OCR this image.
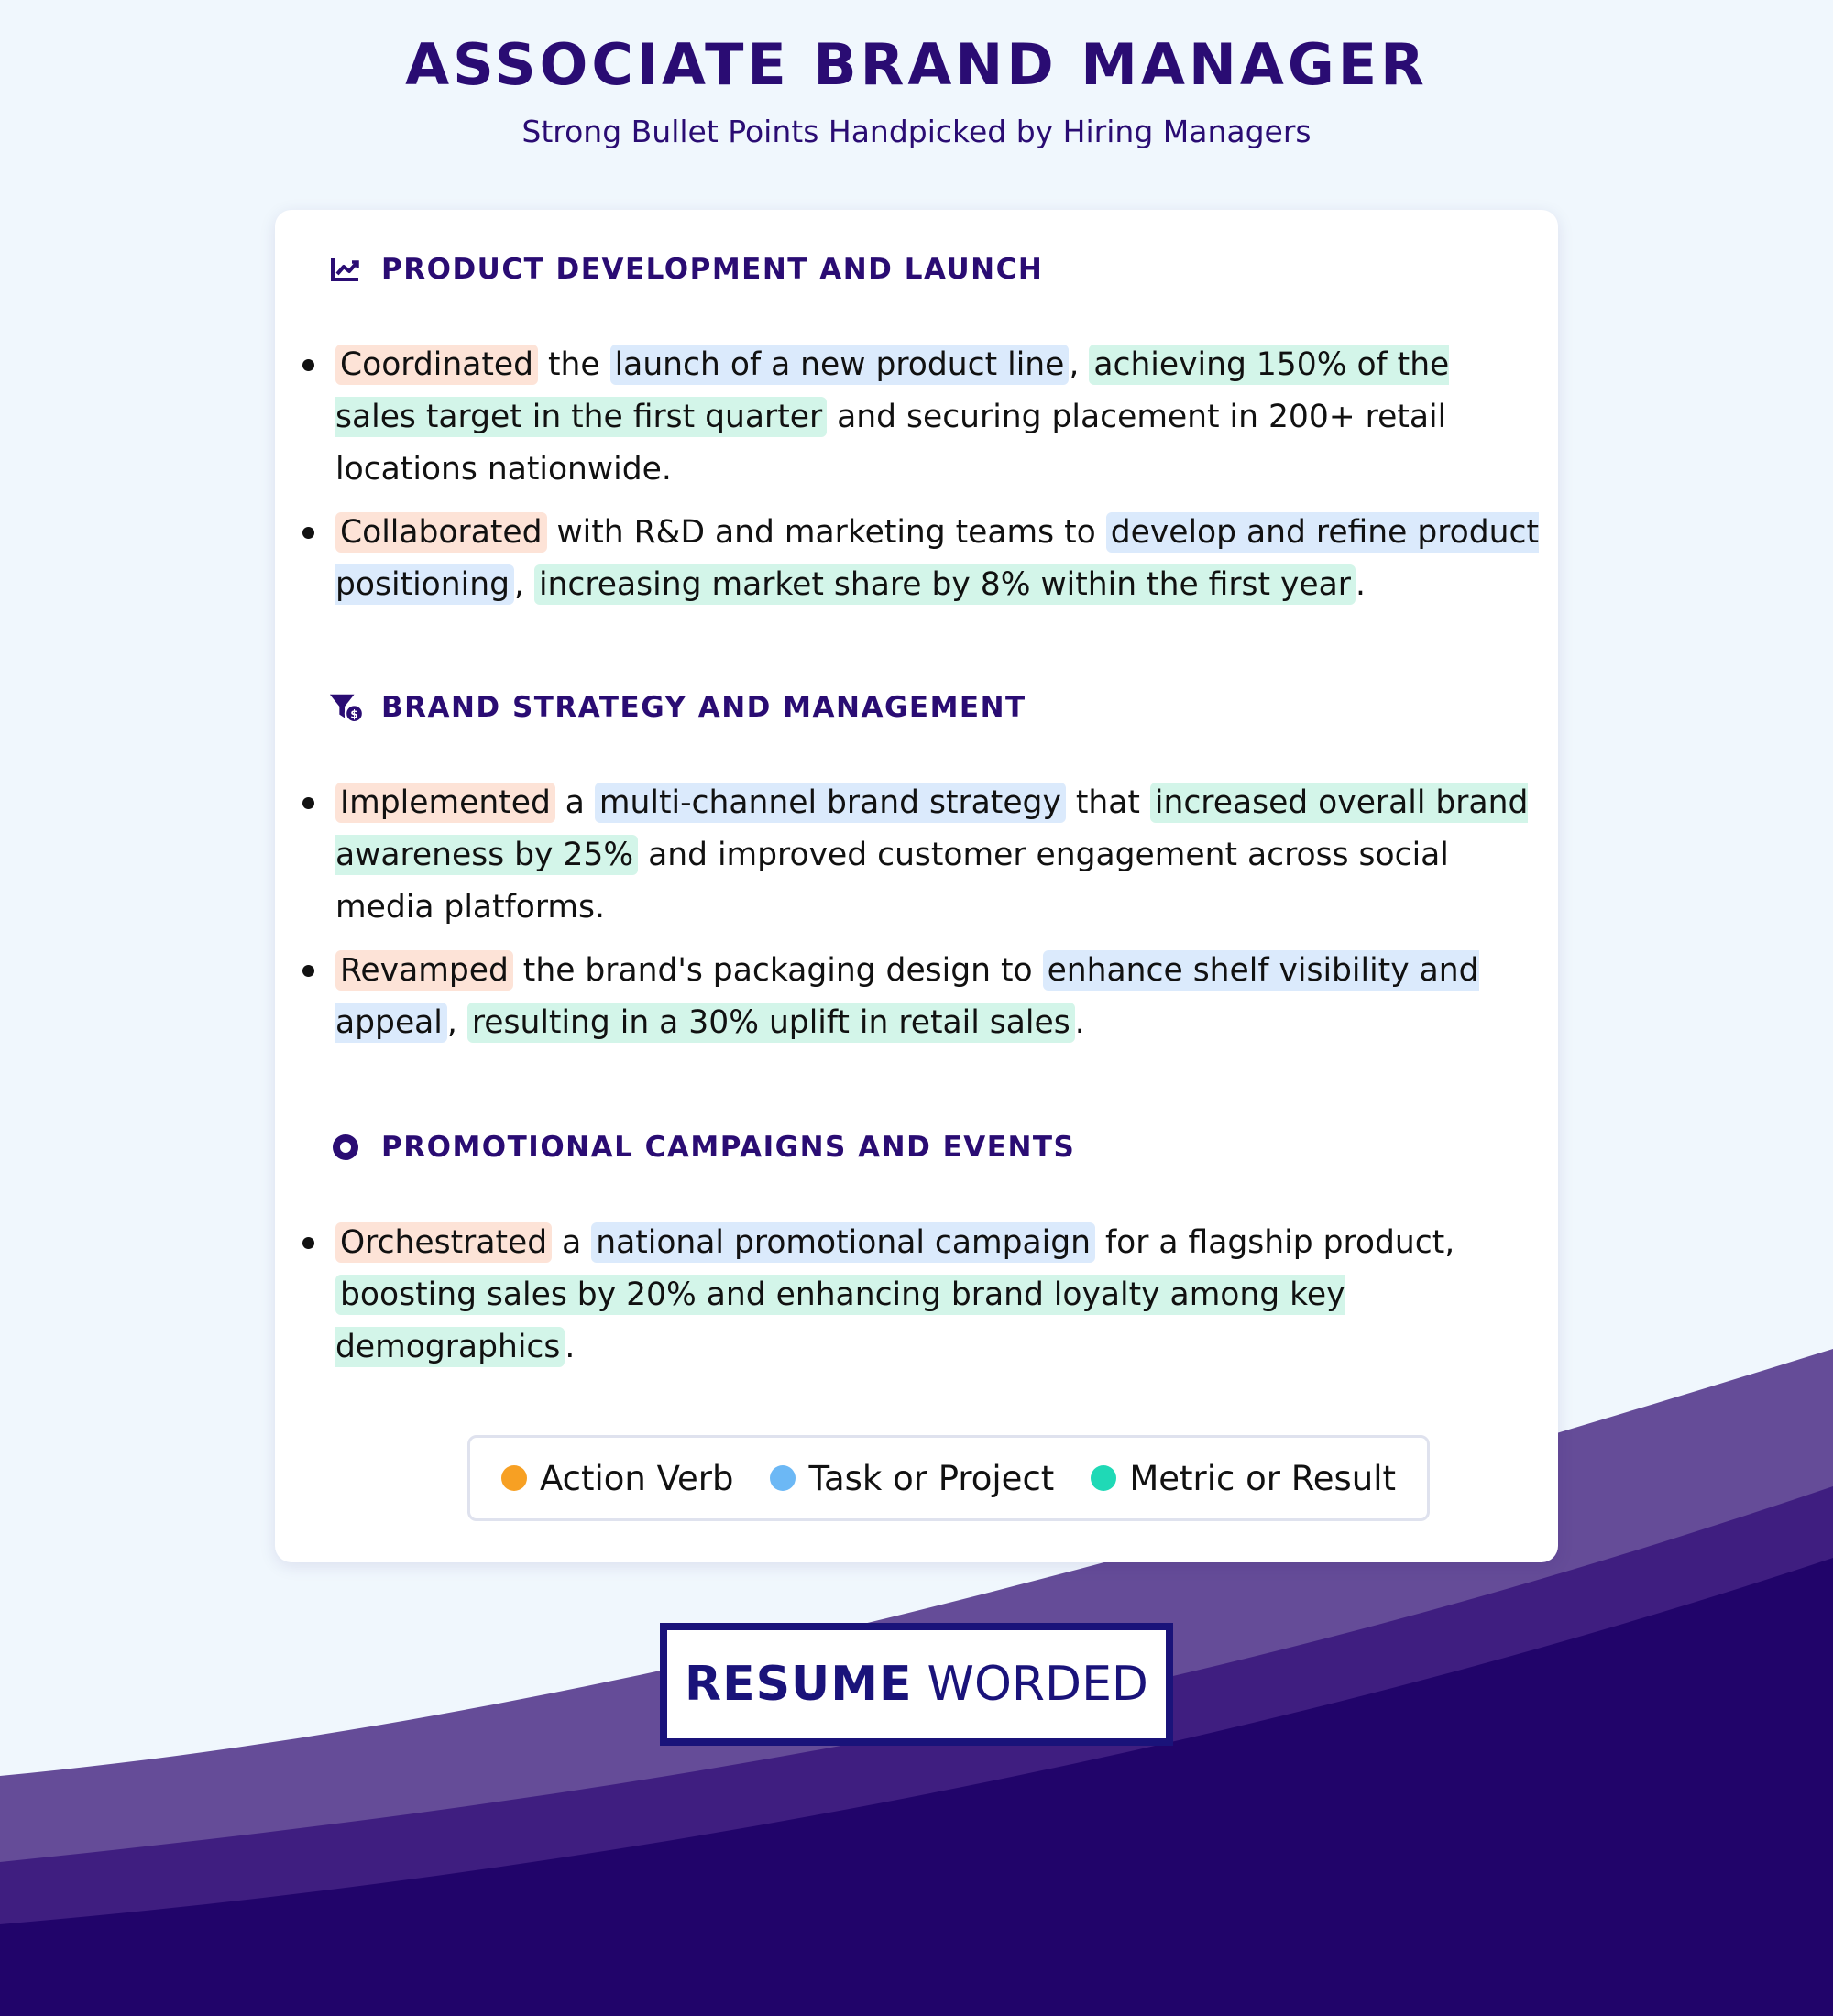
ASSOCIATE BRAND MANAGER
Strong Bullet Points Handpicked by Hiring Managers
PRODUCT DEVELOPMENT AND LAUNCH
Coordinated the launch of a new product line , achieving 150% of the sales target in the first quarter and securing placement in 200+ retail locations nationwide.
Collaborated with R&D and marketing teams to develop and refine product positioning , increasing market share by 8% within the first year .
$ BRAND STRATEGY AND MANAGEMENT
Implemented a multi-channel brand strategy that increased overall brand awareness by 25% and improved customer engagement across social media platforms.
Revamped the brand's packaging design to enhance shelf visibility and appeal , resulting in a 30% uplift in retail sales .
PROMOTIONAL CAMPAIGNS AND EVENTS
Orchestrated a national promotional campaign for a flagship product, boosting sales by 20% and enhancing brand loyalty among key demographics .
Action Verb Task or Project Metric or Result
RESUME WORDED
